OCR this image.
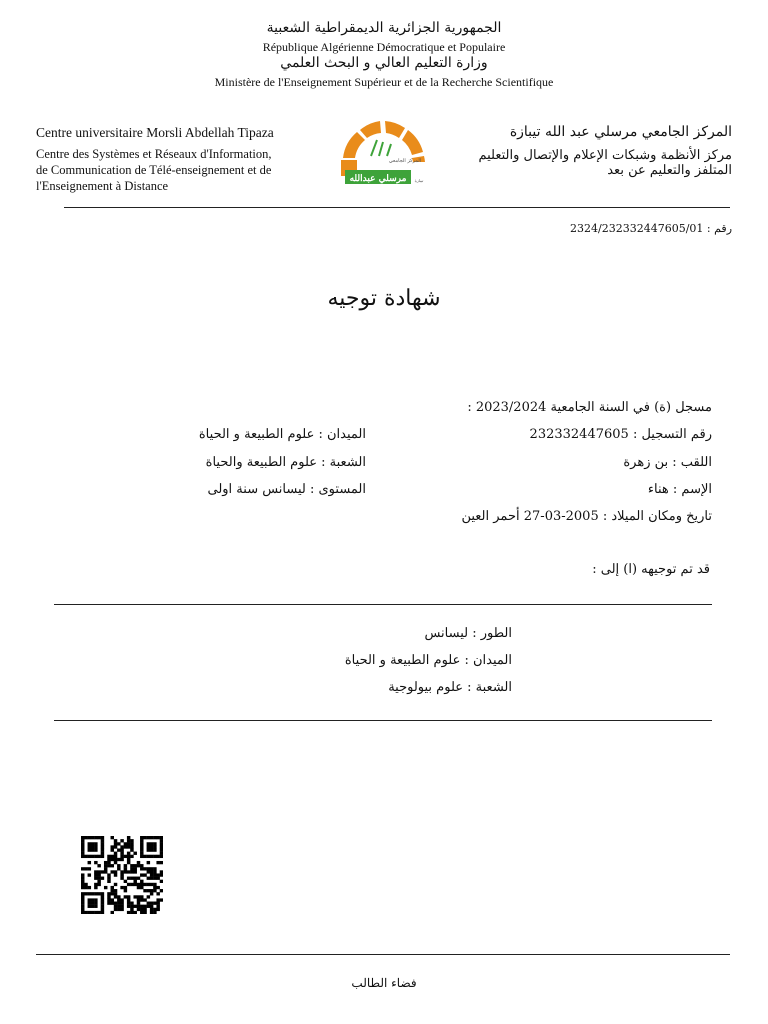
الجمهورية الجزائرية الديمقراطية الشعبية
République Algérienne Démocratique et Populaire
وزارة التعليم العالي و البحث العلمي
Ministère de l'Enseignement Supérieur et de la Recherche Scientifique
Centre universitaire Morsli Abdellah Tipaza
Centre des Systèmes et Réseaux d'Information,
de Communication de Télé-enseignement et de
l'Enseignement à Distance
المركز الجامعي
مرسلي عبدالله تيبازة
المركز الجامعي مرسلي عبد الله تيبازة
مركز الأنظمة وشبكات الإعلام والإتصال والتعليم
المتلفز والتعليم عن بعد
رقم : 2324/232332447605/01
شهادة توجيه
مسجل (ة) في السنة الجامعية 2023/2024 :
رقم التسجيل : 232332447605
اللقب : بن زهرة
الإسم : هناء
تاريخ ومكان الميلاد : 2005-03-27 أحمر العين
الميدان : علوم الطبيعة و الحياة
الشعبة : علوم الطبيعة والحياة
المستوى : ليسانس سنة اولى
قد تم توجيهه (ا) إلى :
الطور : ليسانس
الميدان : علوم الطبيعة و الحياة
الشعبة : علوم بيولوجية
فضاء الطالب
